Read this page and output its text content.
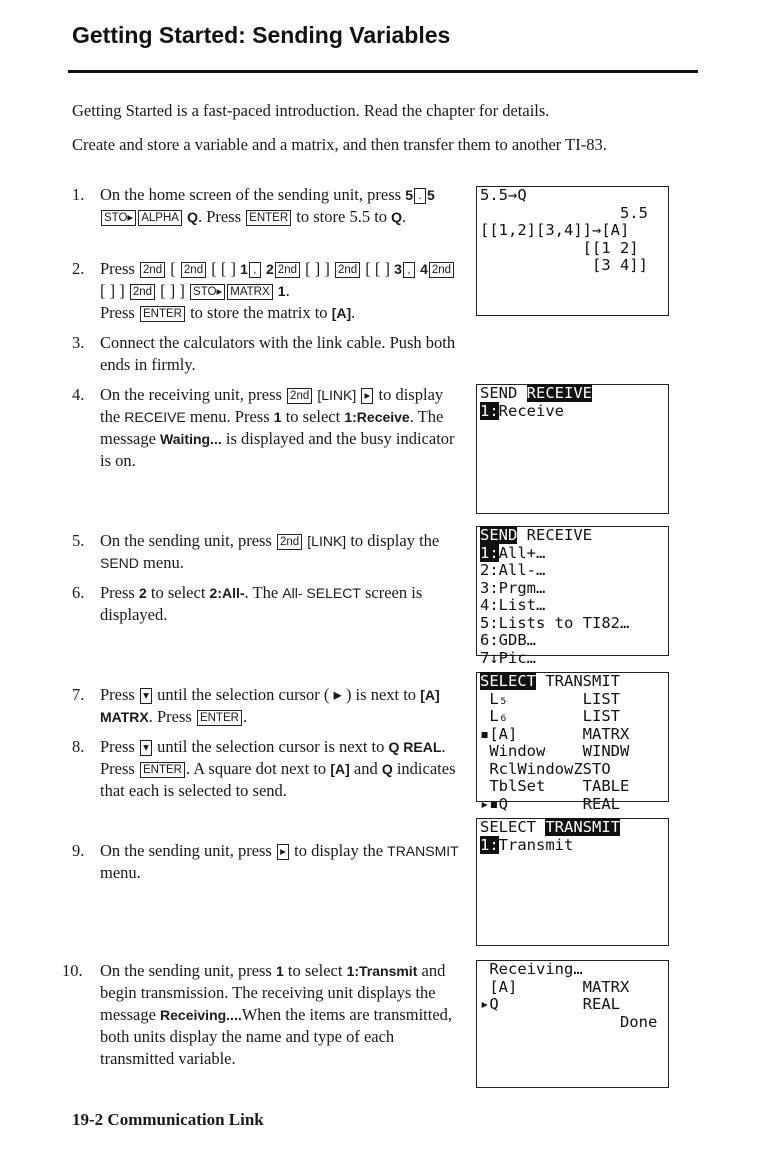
Getting Started: Sending Variables

Getting Started is a fast-paced introduction. Read the chapter for details.

Create and store a variable and a matrix, and then transfer them to another TI-83.

1. On the home screen of the sending unit, press 5 . 5 STO▸ ALPHA Q. Press ENTER to store 5.5 to Q.
2. Press 2nd [ 2nd [ [ ] 1 , 2 2nd [ ] ] 2nd [ [ ] 3 , 4 2nd [ ] ] 2nd [ ] ] STO▸ MATRX 1.
Press ENTER to store the matrix to [A].
3. Connect the calculators with the link cable. Push both ends in firmly.
4. On the receiving unit, press 2nd [LINK] ▸ to display the RECEIVE menu. Press 1 to select 1:Receive. The message Waiting... is displayed and the busy indicator is on.
5. On the sending unit, press 2nd [LINK] to display the SEND menu.
6. Press 2 to select 2:All-. The All- SELECT screen is displayed.
7. Press ▾ until the selection cursor ( ▸ ) is next to [A] MATRX. Press ENTER .
8. Press ▾ until the selection cursor is next to Q REAL. Press ENTER . A square dot next to [A] and Q indicates that each is selected to send.
9. On the sending unit, press ▸ to display the TRANSMIT menu.
10. On the sending unit, press 1 to select 1:Transmit and begin transmission. The receiving unit displays the message Receiving....When the items are transmitted, both units display the name and type of each transmitted variable.
5.5→Q
5.5
[[1,2][3,4]]→[A]
[[1 2]
[3 4]]
SEND RECEIVE
1:Receive
SEND RECEIVE
1:All+…
2:All-…
3:Prgm…
4:List…
5:Lists to TI82…
6:GDB…
7↓Pic…
SELECT TRANSMIT
L₅        LIST
L₆        LIST
▪[A]       MATRX
Window    WINDW
RclWindowZSTO
TblSet    TABLE
▸▪Q        REAL
SELECT TRANSMIT
1:Transmit
Receiving…
[A]       MATRX
▸Q         REAL
Done

19-2 Communication Link
